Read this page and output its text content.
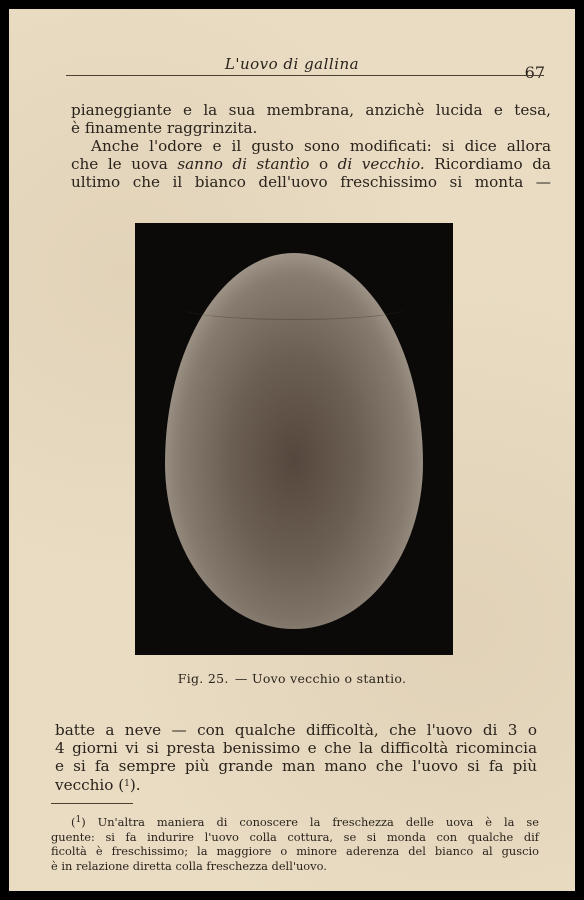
L'uovo di gallina	67

pianeggiante e la sua membrana, anzichè lucida e tesa,
è finamente raggrinzita.
Anche l'odore e il gusto sono modificati: si dice allora
che le uova sanno di stantìo o di vecchio. Ricordiamo da
ultimo che il bianco dell'uovo freschissimo si monta —

Fig. 25. — Uovo vecchio o stantio.

batte a neve — con qualche difficoltà, che l'uovo di 3 o
4 giorni vi si presta benissimo e che la difficoltà ricomincia
e si fa sempre più grande man mano che l'uovo si fa più
vecchio ($^1$).

($^1$) Un'altra maniera di conoscere la freschezza delle uova è la se
guente: si fa indurire l'uovo colla cottura, se si monda con qualche dif
ficoltà è freschissimo; la maggiore o minore aderenza del bianco al guscio
è in relazione diretta colla freschezza dell'uovo.
